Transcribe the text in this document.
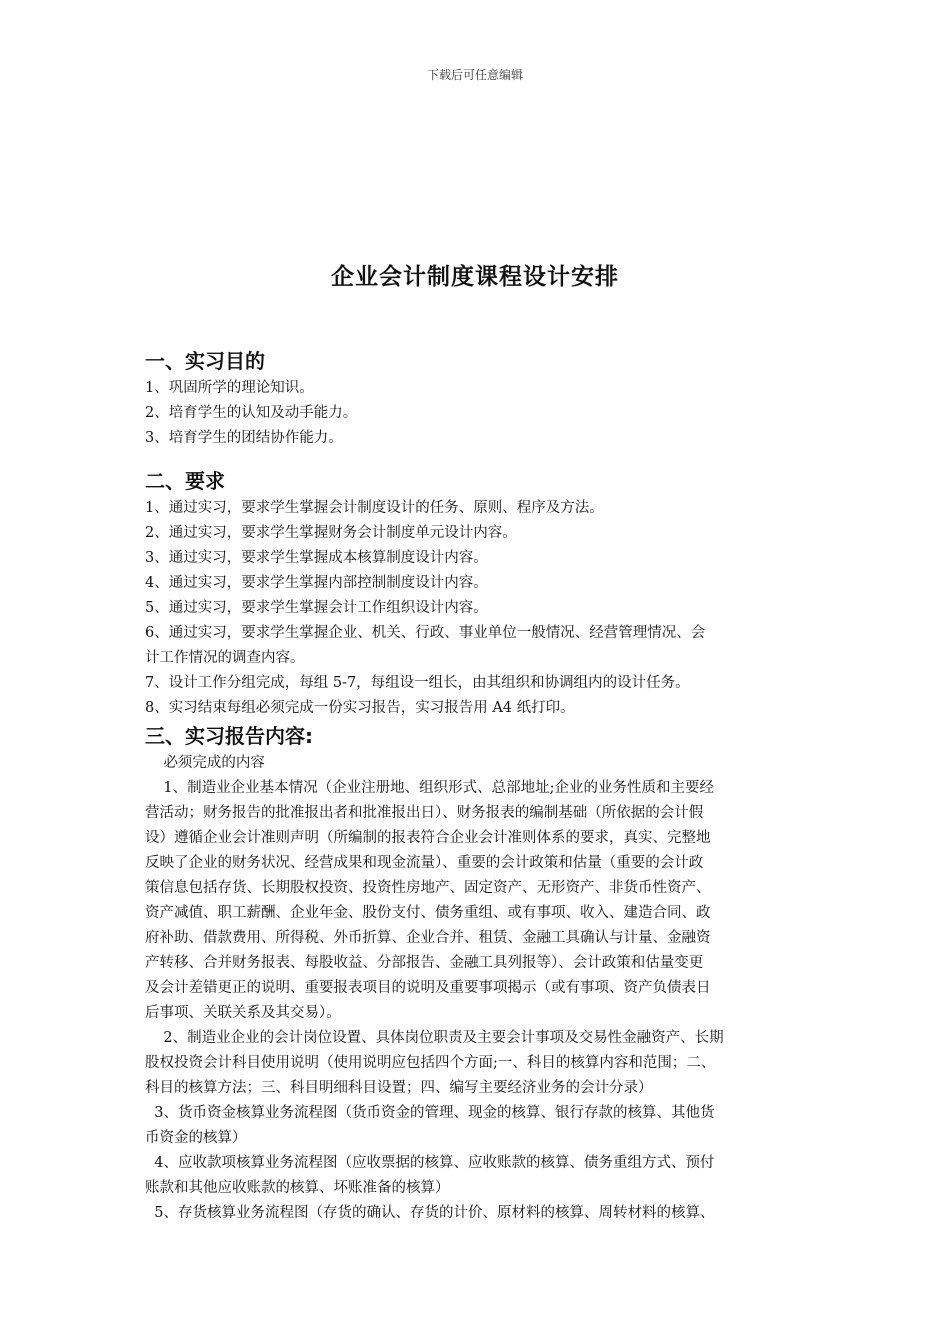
下载后可任意编辑
企业会计制度课程设计安排
一、实习目的
1、巩固所学的理论知识。
2、培育学生的认知及动手能力。
3、培育学生的团结协作能力。
二、要求
1、通过实习，要求学生掌握会计制度设计的任务、原则、程序及方法。
2、通过实习，要求学生掌握财务会计制度单元设计内容。
3、通过实习，要求学生掌握成本核算制度设计内容。
4、通过实习，要求学生掌握内部控制制度设计内容。
5、通过实习，要求学生掌握会计工作组织设计内容。
6、通过实习，要求学生掌握企业、机关、行政、事业单位一般情况、经营管理情况、会
计工作情况的调查内容。
7、设计工作分组完成，每组 5-7，每组设一组长，由其组织和协调组内的设计任务。
8、实习结束每组必须完成一份实习报告，实习报告用 A4 纸打印。
三、实习报告内容:
必须完成的内容
1、制造业企业基本情况（企业注册地、组织形式、总部地址;企业的业务性质和主要经
营活动；财务报告的批准报出者和批准报出日）、财务报表的编制基础（所依据的会计假
设）遵循企业会计准则声明（所编制的报表符合企业会计准则体系的要求，真实、完整地
反映了企业的财务状况、经营成果和现金流量）、重要的会计政策和估量（重要的会计政
策信息包括存货、长期股权投资、投资性房地产、固定资产、无形资产、非货币性资产、
资产减值、职工薪酬、企业年金、股份支付、债务重组、或有事项、收入、建造合同、政
府补助、借款费用、所得税、外币折算、企业合并、租赁、金融工具确认与计量、金融资
产转移、合并财务报表、每股收益、分部报告、金融工具列报等）、会计政策和估量变更
及会计差错更正的说明、重要报表项目的说明及重要事项揭示（或有事项、资产负债表日
后事项、关联关系及其交易）。
2、制造业企业的会计岗位设置、具体岗位职责及主要会计事项及交易性金融资产、长期
股权投资会计科目使用说明（使用说明应包括四个方面;一、科目的核算内容和范围；二、
科目的核算方法；三、科目明细科目设置；四、编写主要经济业务的会计分录）
3、货币资金核算业务流程图（货币资金的管理、现金的核算、银行存款的核算、其他货
币资金的核算）
4、应收款项核算业务流程图（应收票据的核算、应收账款的核算、债务重组方式、预付
账款和其他应收账款的核算、坏账准备的核算）
5、存货核算业务流程图（存货的确认、存货的计价、原材料的核算、周转材料的核算、
